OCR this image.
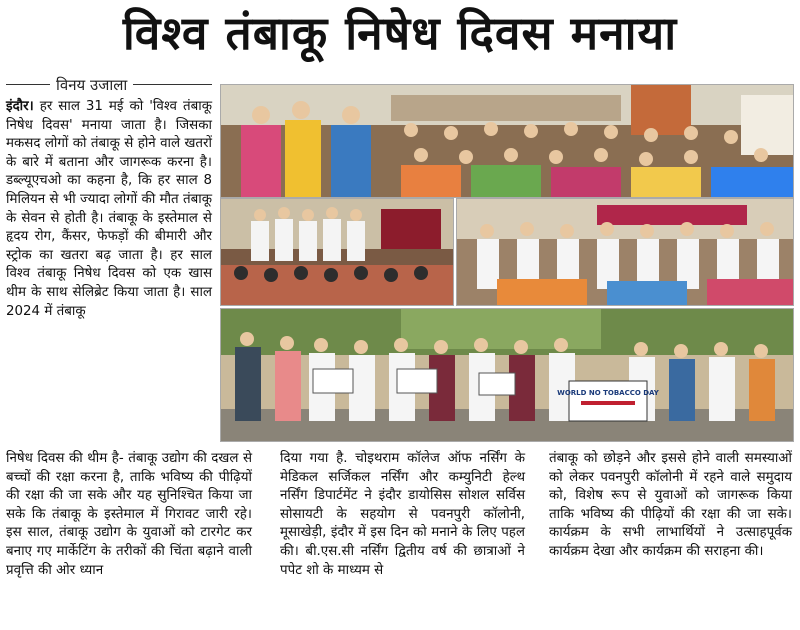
विश्व तंबाकू निषेध दिवस मनाया
विनय उजाला

इंदौर। हर साल 31 मई को 'विश्व तंबाकू निषेध दिवस' मनाया जाता है। जिसका मकसद लोगों को तंबाकू से होने वाले खतरों के बारे में बताना और जागरूक करना है। डब्ल्यूएचओ का कहना है, कि हर साल 8 मिलियन से भी ज्यादा लोगों की मौत तंबाकू के सेवन से होती है। तंबाकू के इस्तेमाल से हृदय रोग, कैंसर, फेफड़ों की बीमारी और स्ट्रोक का खतरा बढ़ जाता है। हर साल विश्व तंबाकू निषेध दिवस को एक खास थीम के साथ सेलिब्रेट किया जाता है। साल 2024 में तंबाकू

निषेध दिवस की थीम है- तंबाकू उद्योग की दखल से बच्चों की रक्षा करना है, ताकि भविष्य की पीढ़ियों की रक्षा की जा सके और यह सुनिश्चित किया जा सके कि तंबाकू के इस्तेमाल में गिरावट जारी रहे। इस साल, तंबाकू उद्योग के युवाओं को टारगेट कर बनाए गए मार्केटिंग के तरीकों की चिंता बढ़ाने वाली प्रवृत्ति की ओर ध्यान

दिया गया है. चोइथराम कॉलेज ऑफ नर्सिंग के मेडिकल सर्जिकल नर्सिंग और कम्युनिटी हेल्थ नर्सिंग डिपार्टमेंट ने इंदौर डायोसिस सोशल सर्विस सोसायटी के सहयोग से पवनपुरी कॉलोनी, मूसाखेड़ी, इंदौर में इस दिन को मनाने के लिए पहल की। बी.एस.सी नर्सिंग द्वितीय वर्ष की छात्राओं ने पपेट शो के माध्यम से

तंबाकू को छोड़ने और इससे होने वाली समस्याओं को लेकर पवनपुरी कॉलोनी में रहने वाले समुदाय को, विशेष रूप से युवाओं को जागरूक किया ताकि भविष्य की पीढ़ियों की रक्षा की जा सके। कार्यक्रम के सभी लाभार्थियों ने उत्साहपूर्वक कार्यक्रम देखा और कार्यक्रम की सराहना की।

WORLD NO TOBACCO DAY
